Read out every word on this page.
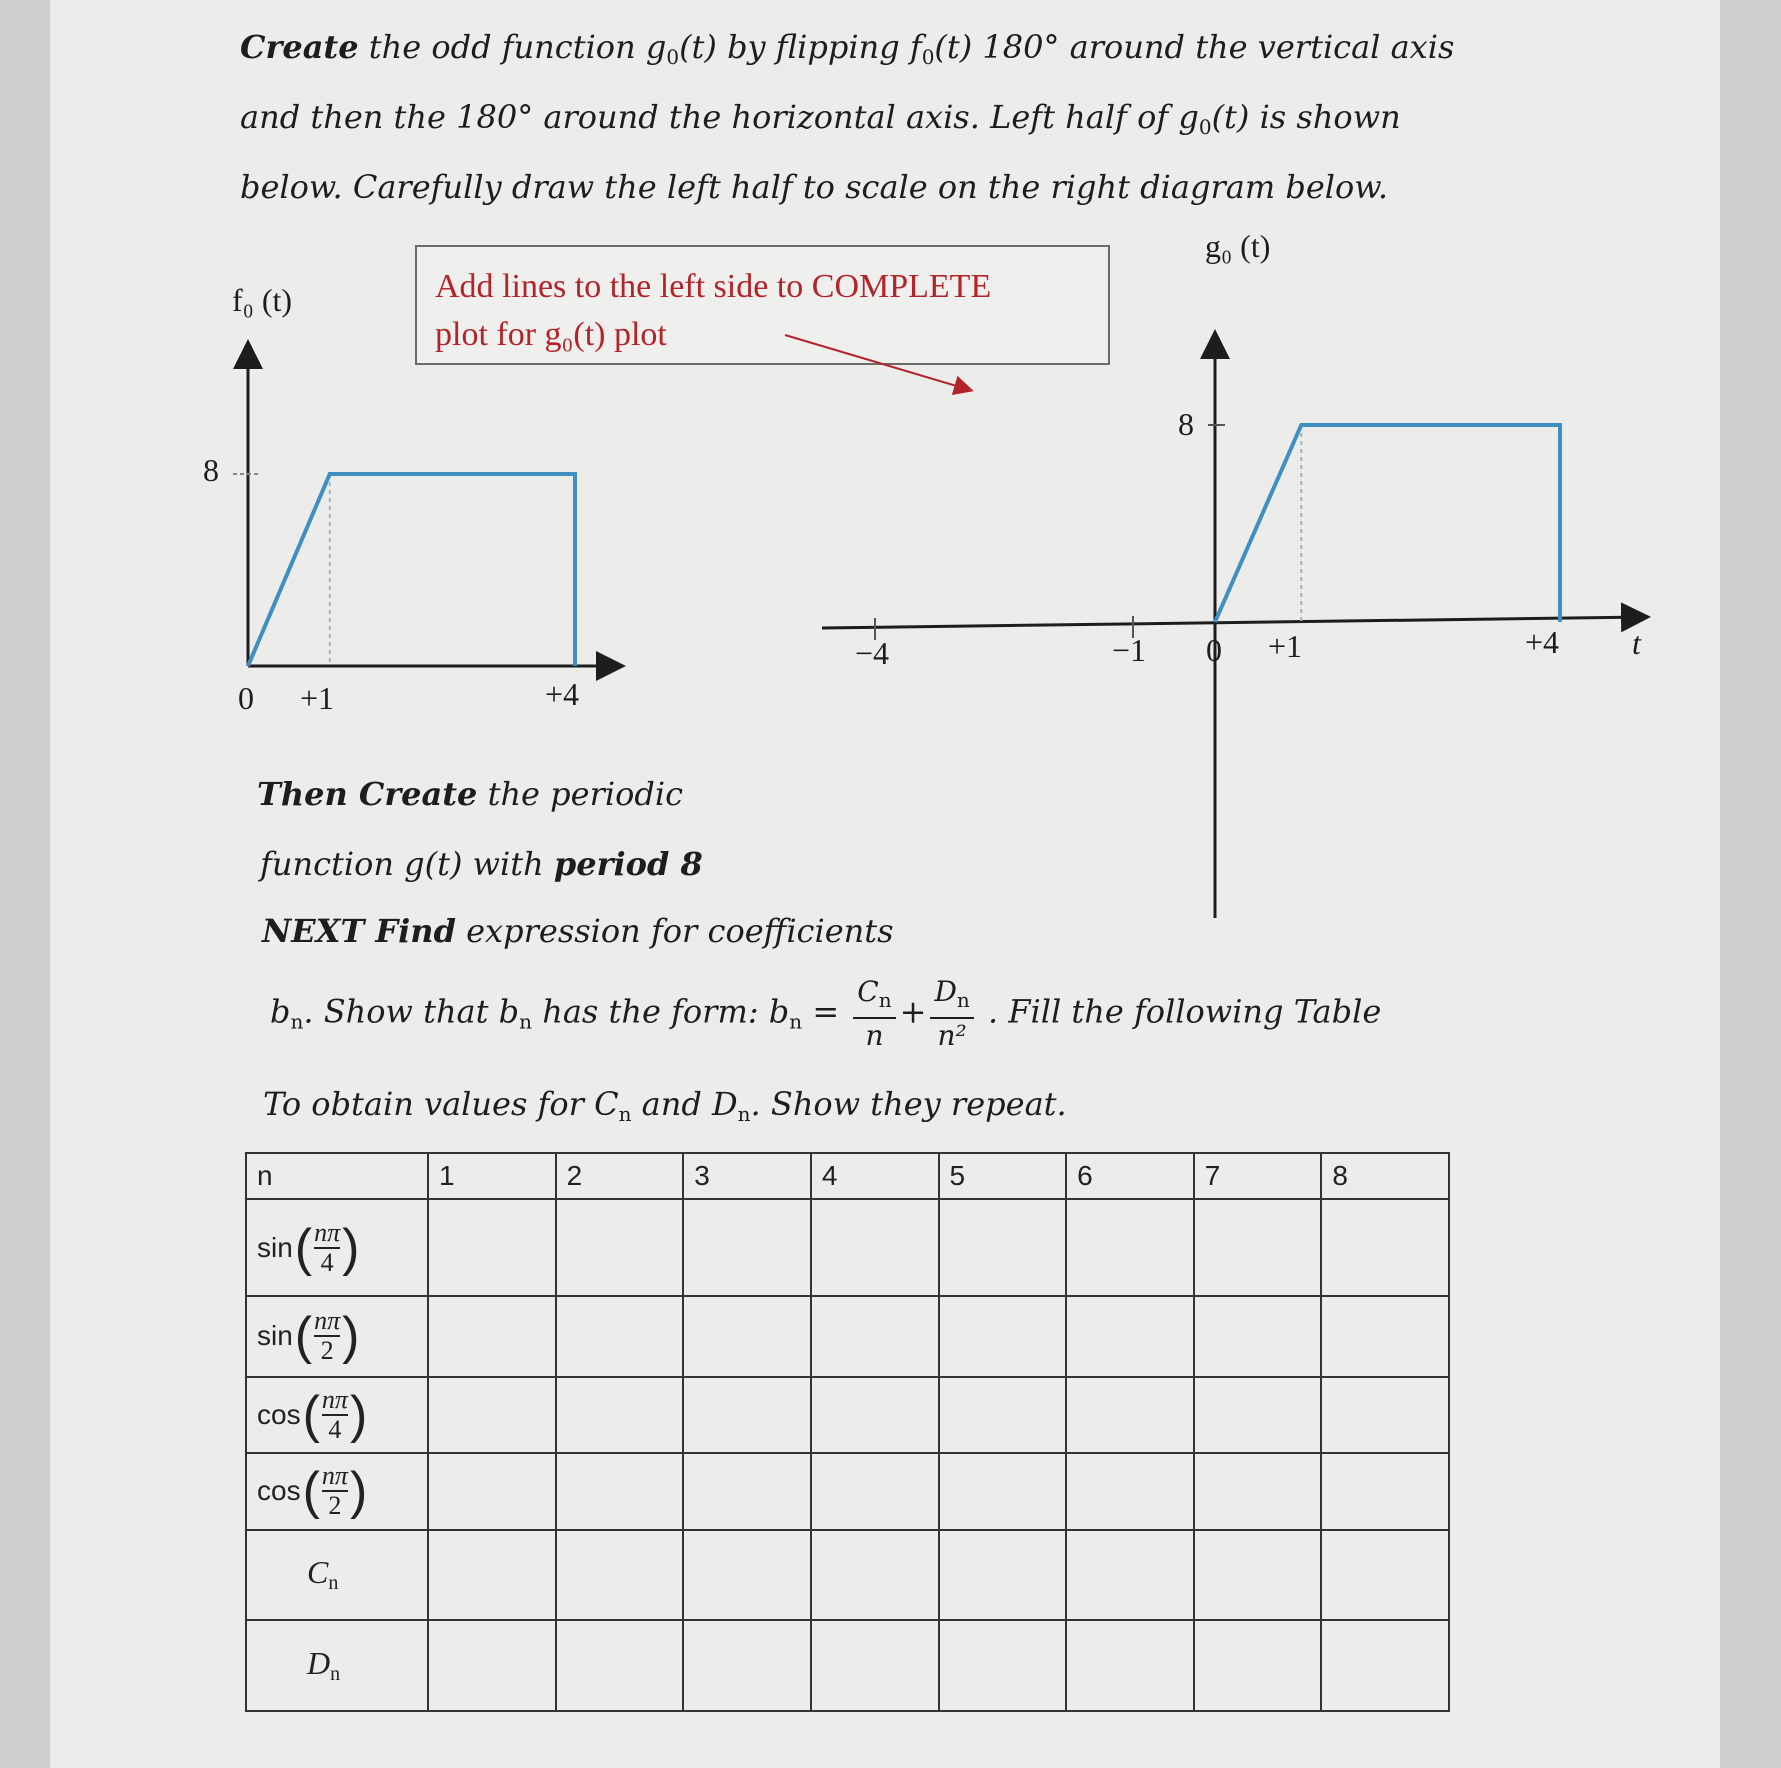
Create the odd function $g_0(t)$ by flipping $f_0(t)$ 180° around the vertical axis
and then the 180° around the horizontal axis. Left half of $g_0(t)$ is shown
below. Carefully draw the left half to scale on the right diagram below.
Add lines to the left side to COMPLETE
plot for g₀(t) plot
f₀ (t)
8
0 +1	+4
g₀ (t)
8
−4	−1 0 +1	+4 t
Then Create the periodic
function g(t) with period 8
NEXT Find expression for coefficients
$b_n$. Show that $b_n$ has the form: $b_n = \frac{C_n}{n} + \frac{D_n}{\text{n²}}$ . Fill the following Table
To obtain values for $C_n$ and $D_n$. Show they repeat.
n	1	2	3	4	5	6	7	8

sin ( $\frac{n\pi}{4}$ )								

sin ( $\frac{n\pi}{2}$ )								

cos ( $\frac{n\pi}{4}$ )								

cos ( $\frac{n\pi}{2}$ )								

$C_n$								
$D_n$								
